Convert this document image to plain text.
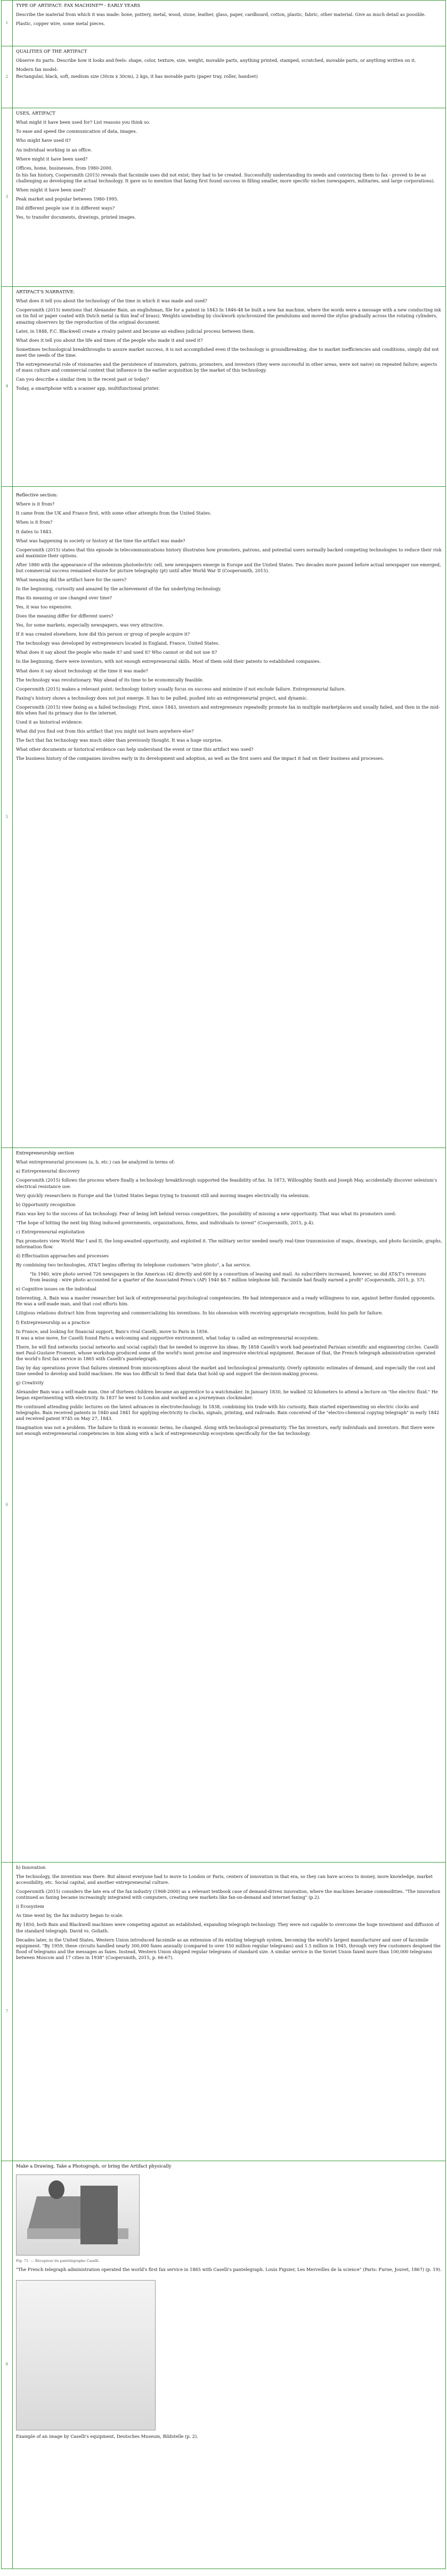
1

TYPE OF ARTIFACT: FAX MACHINE** - EARLY YEARS

Describe the material from which it was made: bone, pottery, metal, wood, stone, leather, glass, paper, cardboard, cotton, plastic, fabric, other material. Give as much detail as possible.

Plastic, copper wire, some metal pieces.

2

QUALITIES OF THE ARTIFACT

Observe its parts. Describe how it looks and feels: shape, color, texture, size, weight, movable parts, anything printed, stamped, scratched, movable parts, or anything written on it.

Modern fax model:

Rectangular, black, soft, medium size (30cm x 30cm), 2 kgs, it has movable parts (paper tray, roller, handset)

3

USES, ARTIFACT

What might it have been used for? List reasons you think so.

To ease and speed the communication of data, images.

Who might have used it?

An individual working in an office.

Where might it have been used?

Offices, home, businesses, from 1980-2000.

In his fax history, Coopersmith (2015) reveals that facsimile uses did not exist; they had to be created. Successfully understanding its needs and convincing them to fax - proved to be as challenging as developing the actual technology. It gave us to mention that faxing first found success in filling smaller, more specific niches (newspapers, militaries, and large corporations).

When might it have been used?

Peak market and popular between 1980-1995.

Did different people use it in different ways?

Yes, to transfer documents, drawings, printed images.

4

ARTIFACT'S NARRATIVE:

What does it tell you about the technology of the time in which it was made and used?

Coopersmith (2015) mentions that Alexander Bain, an englishman, file for a patent in 1843 In 1846-48 he built a new fax machine, where the words were a message with a new conducting ink on tin foil or paper coated with Dutch metal (a thin leaf of brass). Weights unwinding by clockwork synchronized the pendulums and moved the stylus gradually across the rotating cylinders, amazing observers by the reproduction of the original document.

Later, in 1848, F.C. Blackwell create a rivalry patent and became an endless judicial process between them.

What does it tell you about the life and times of the people who made it and used it?

Sometimes technological breakthroughs to assure market success, it is not accomplished even if the technology is groundbreaking, due to market inefficiencies and conditions, simply did not meet the needs of the time.

The entrepreneurial role of visionaries and the persistence of innovators, patrons, promoters, and investors (they were successful in other areas, were not naive) on repeated failure; aspects of mass culture and commercial context that influence in the earlier acquisition by the market of this technology.

Can you describe a similar item in the recent past or today?

Today, a smartphone with a scanner app, multifunctional printer.

5

Reflective section:

Where is it from?

It came from the UK and France first, with some other attempts from the United States.

When is it from?

It dates to 1843.

What was happening in society or history at the time the artifact was made?

Coopersmith (2015) states that this episode in telecommunications history illustrates how promoters, patrons, and potential users normally backed competing technologies to reduce their risk and maximize their options.

After 1880 with the appearance of the selenium photoelectric cell, new newspapers emerge in Europe and the United States. Two decades more passed before actual newspaper use emerged, but commercial success remained elusive for picture telegraphy (pt) until after World War II (Coopersmith, 2015).

What meaning did the artifact have for the users?

In the beginning, curiosity and amazed by the achievement of the fax underlying technology.

Has its meaning or use changed over time?

Yes, it was too expensive.

Does the meaning differ for different users?

Yes, for some markets, especially newspapers, was very attractive.

If it was created elsewhere, how did this person or group of people acquire it?

The technology was developed by entrepreneurs located in England, France, United States.

What does it say about the people who made it? and used it? Who cannot or did not use it?

In the beginning, there were inventors, with not enough entrepreneurial skills. Most of them sold their patents to established companies.

What does it say about technology at the time it was made?

The technology was revolutionary. Way ahead of its time to be economically feasible.

Coopersmith (2015) makes a relevant point: technology history usually focus on success and minimize if not exclude failure. Entrepreneurial failure.

Faxing's history shows a technology does not just emerge. It has to be pulled, pushed into an entrepreneurial project, and dynamic.

Coopersmith (2015) view faxing as a failed technology. First, since 1843, inventors and entrepreneurs repeatedly promote fax in multiple marketplaces and usually failed, and then in the mid-80s when fuel its primacy due to the internet.

Used it as historical evidence:

What did you find out from this artifact that you might not learn anywhere else?

The fact that fax technology was much older than previously thought. It was a huge surprise.

What other documents or historical evidence can help understand the event or time this artifact was used?

The business history of the companies involves early in its development and adoption, as well as the first users and the impact it had on their business and processes.

6

Entrepreneurship section

What entrepreneurial processes (a, b, etc.) can be analyzed in terms of:

a) Entrepreneurial discovery

Coopersmith (2015) follows the process where finally a technology breakthrough supported the feasibility of fax. In 1873, Willoughby Smith and Joseph May, accidentally discover selenium's electrical resistance use.

Very quickly researchers in Europe and the United States began trying to transmit still and moving images electrically via selenium.

b) Opportunity recognition

Faxs was key to the success of fax technology. Fear of being left behind versus competitors, the possibility of missing a new opportunity. That was what its promoters used:

"The hope of hitting the next big thing induced governments, organizations, firms, and individuals to invest" (Coopersmith, 2015, p.4).

c) Entrepreneurial exploitation

Fax promoters view World War I and II, the long-awaited opportunity, and exploited it. The military sector needed nearly real-time transmission of maps, drawings, and photo facsimile, graphs, information flow.

d) Effectuation approaches and processes

By combining two technologies, AT&T begins offering its telephone customers "wire photo", a fax service.

"In 1940, wire photo served 726 newspapers in the Americas (42 directly and 600 by a consortium of leasing and mail. As subscribers increased, however, so did AT&T's revenues from leasing - wire photo accounted for a quarter of the Associated Press's (AP) 1940 $6.7 million telephone bill. Facsimile had finally earned a profit" (Coopersmith, 2015, p. 57).

e) Cognitive issues on the individual

Interesting, A. Bain was a master researcher but lack of entrepreneurial psychological competencies. He had intemperance and a ready willingness to sue, against better-funded opponents. He was a self-made man, and that cost efforts him.

Litigious relations distract him from improving and commercializing his inventions. In his obsession with receiving appropriate recognition, build his path for failure.

f) Entrepreneurship as a practice

In France, and looking for financial support, Bain's rival Caselli, move to Paris in 1856.

It was a wise move, for Caselli found Paris a welcoming and supportive environment, what today is called an entrepreneurial ecosystem.

There, he will find networks (social networks and social capital) that he needed to improve his ideas. By 1858 Caselli's work had penetrated Parisian scientific and engineering circles. Caselli met Paul-Gustave Froment, whose workshop produced some of the world's most precise and impressive electrical equipment. Because of that, the French telegraph administration operated the world's first fax service in 1865 with Caselli's pantelegraph.

Day by day operations prove that failures stemmed from misconceptions about the market and technological prematurity. Overly optimistic estimates of demand, and especially the cost and time needed to develop and build machines. He was too difficult to feed that data that hold up and support the decision-making process.

g) Creativity

Alexander Bain was a self-made man. One of thirteen children became an apprentice to a watchmaker. In January 1830, he walked 32 kilometers to attend a lecture on "the electric fluid." He began experimenting with electricity. In 1837 he went to London and worked as a journeyman clockmaker.

He continued attending public lectures on the latest advances in electrotechnology. In 1838, combining his trade with his curiosity, Bain started experimenting on electric clocks and telegraphs. Bain received patents in 1840 and 1841 for applying electricity to clocks, signals, printing, and railroads. Bain conceived of the "electro-chemical copying telegraph" in early 1842 and received patent 9745 on May 27, 1843.

Imagination was not a problem. The failure to think in economic terms, he changed. Along with technological prematurity. The fax inventors, early individuals and inventors. But there were not enough entrepreneurial competencies in him along with a lack of entrepreneurship ecosystem specifically for the fax technology.

7

h) Innovation

The technology, the invention was there. But almost everyone had to move to London or Paris, centers of innovation in that era, so they can have access to money, more knowledge, market accessibility, etc. Social capital, and another entrepreneurial culture.

Coopersmith (2015) considers the late era of the fax industry (1968-2000) as a relevant textbook case of demand-driven innovation, where the machines became commodities. "The innovation continued as faxing became increasingly integrated with computers, creating new markets like fax-on-demand and internet faxing" (p.2).

i) Ecosystem

As time went by, the fax industry began to scale.

By 1850, both Bain and Blackwell machines were competing against an established, expanding telegraph technology. They were not capable to overcome the huge investment and diffusion of the standard telegraph. David vs. Goliath.

Decades later, in the United States, Western Union introduced facsimile as an extension of its existing telegraph system, becoming the world's largest manufacturer and user of facsimile equipment. "By 1959, these circuits handled nearly 300,000 faxes annually (compared to over 150 million regular telegrams) and 1.5 million in 1945, through very few customers despised the flood of telegrams and the messages as faxes. Instead, Western Union shipped regular telegrams of standard size. A similar service in the Soviet Union faxed more than 100,000 telegrams between Moscow and 17 cities in 1938" (Coopersmith, 2015, p. 66-67).

8

Make a Drawing, Take a Photograph, or bring the Artifact physically

Fig. 71. — Récepteur du pantélégraphe Caselli.

"The French telegraph administration operated the world's first fax service in 1865 with Caselli's pantelegraph. Louis Figuier, Les Merveilles de la science" (Paris: Furne, Jouvet, 1867) (p. 19).

Example of an image by Caselli's equipment, Deutsches Museum, Bildstelle (p. 2).
